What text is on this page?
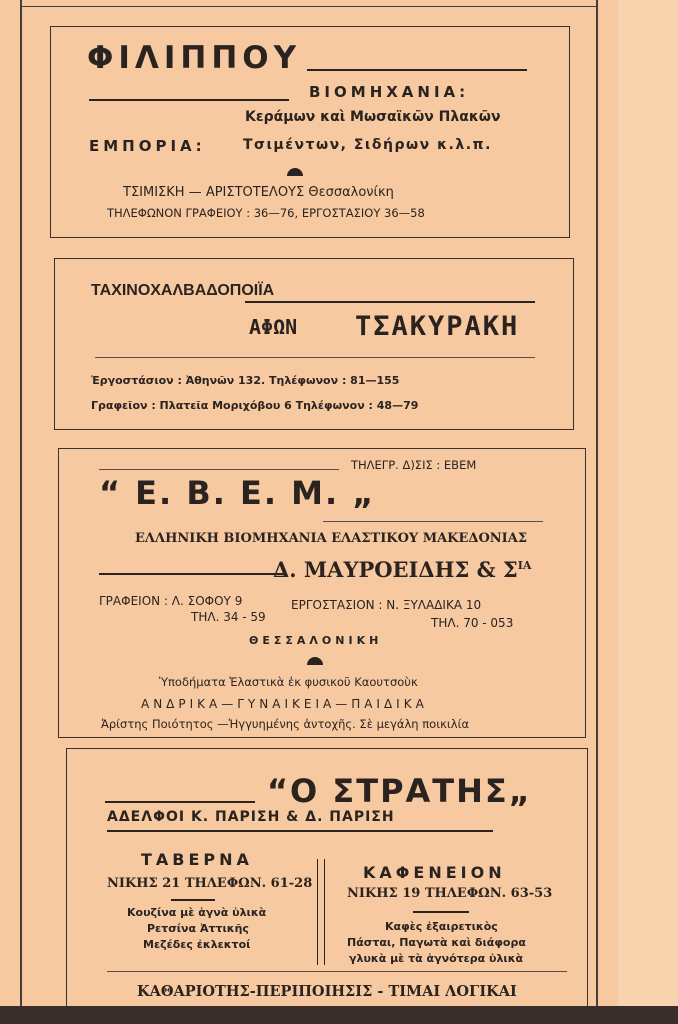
ΦΙΛΙΠΠΟΥ
ΒΙΟΜΗΧΑΝΙΑ:
Κεράμων καὶ Μωσαϊκῶν Πλακῶν
ΕΜΠΟΡΙΑ:	Τσιμέντων, Σιδήρων κ.λ.π.
ΤΣΙΜΙΣΚΗ — ΑΡΙΣΤΟΤΕΛΟΥΣ Θεσσαλονίκη
ΤΗΛΕΦΩΝΟΝ ΓΡΑΦΕΙΟΥ : 36—76, ΕΡΓΟΣΤΑΣΙΟΥ 36—58
ΤΑΧΙΝΟΧΑΛΒΑΔΟΠΟΙΪΑ
ΑΦΩΝ ΤΣΑΚΥΡΑΚΗ
Ἐργοστάσιον : Ἀθηνῶν 132. Τηλέφωνον : 81—155
Γραφεῖον : Πλατεῖα Μοριχόβου 6 Τηλέφωνον : 48—79
ΤΗΛΕΓΡ. Δ)ΣΙΣ : ΕΒΕΜ
“ Ε. Β. Ε. Μ. „
ΕΛΛΗΝΙΚΗ ΒΙΟΜΗΧΑΝΙΑ ΕΛΑΣΤΙΚΟΥ ΜΑΚΕΔΟΝΙΑΣ
Δ. ΜΑΥΡΟΕΙΔΗΣ & $\Sigma^{IA}$
ΓΡΑΦΕΙΟΝ : Λ. ΣΟΦΟΥ 9
ΤΗΛ. 34 - 59
ΕΡΓΟΣΤΑΣΙΟΝ : Ν. ΞΥΛΑΔΙΚΑ 10
ΤΗΛ. 70 - 053
ΘΕΣΣΑΛΟΝΙΚΗ
Ὑποδήματα Ἐλαστικὰ ἐκ φυσικοῦ Καουτσοὺκ
ΑΝΔΡΙΚΑ—ΓΥΝΑΙΚΕΙΑ—ΠΑΙΔΙΚΑ
Ἀρίστης Ποιότητος —Ἠγγυημένης ἀντοχῆς. Σὲ μεγάλη ποικιλία
“Ο ΣΤΡΑΤΗΣ„
ΑΔΕΛΦΟΙ Κ. ΠΑΡΙΣΗ & Δ. ΠΑΡΙΣΗ
ΤΑΒΕΡΝΑ
ΝΙΚΗΣ 21 ΤΗΛΕΦΩΝ. 61-28
Κουζίνα μὲ ἁγνὰ ὑλικὰ
Ρετσίνα Ἀττικῆς
Μεζέδες ἐκλεκτοί
ΚΑΦΕΝΕΙΟΝ
ΝΙΚΗΣ 19 ΤΗΛΕΦΩΝ. 63-53
Καφὲς ἐξαιρετικὸς
Πάσται, Παγωτὰ καὶ διάφορα
γλυκὰ μὲ τὰ ἁγνότερα ὑλικὰ
ΚΑΘΑΡΙΟΤΗΣ-ΠΕΡΙΠΟΙΗΣΙΣ - ΤΙΜΑΙ ΛΟΓΙΚΑΙ
